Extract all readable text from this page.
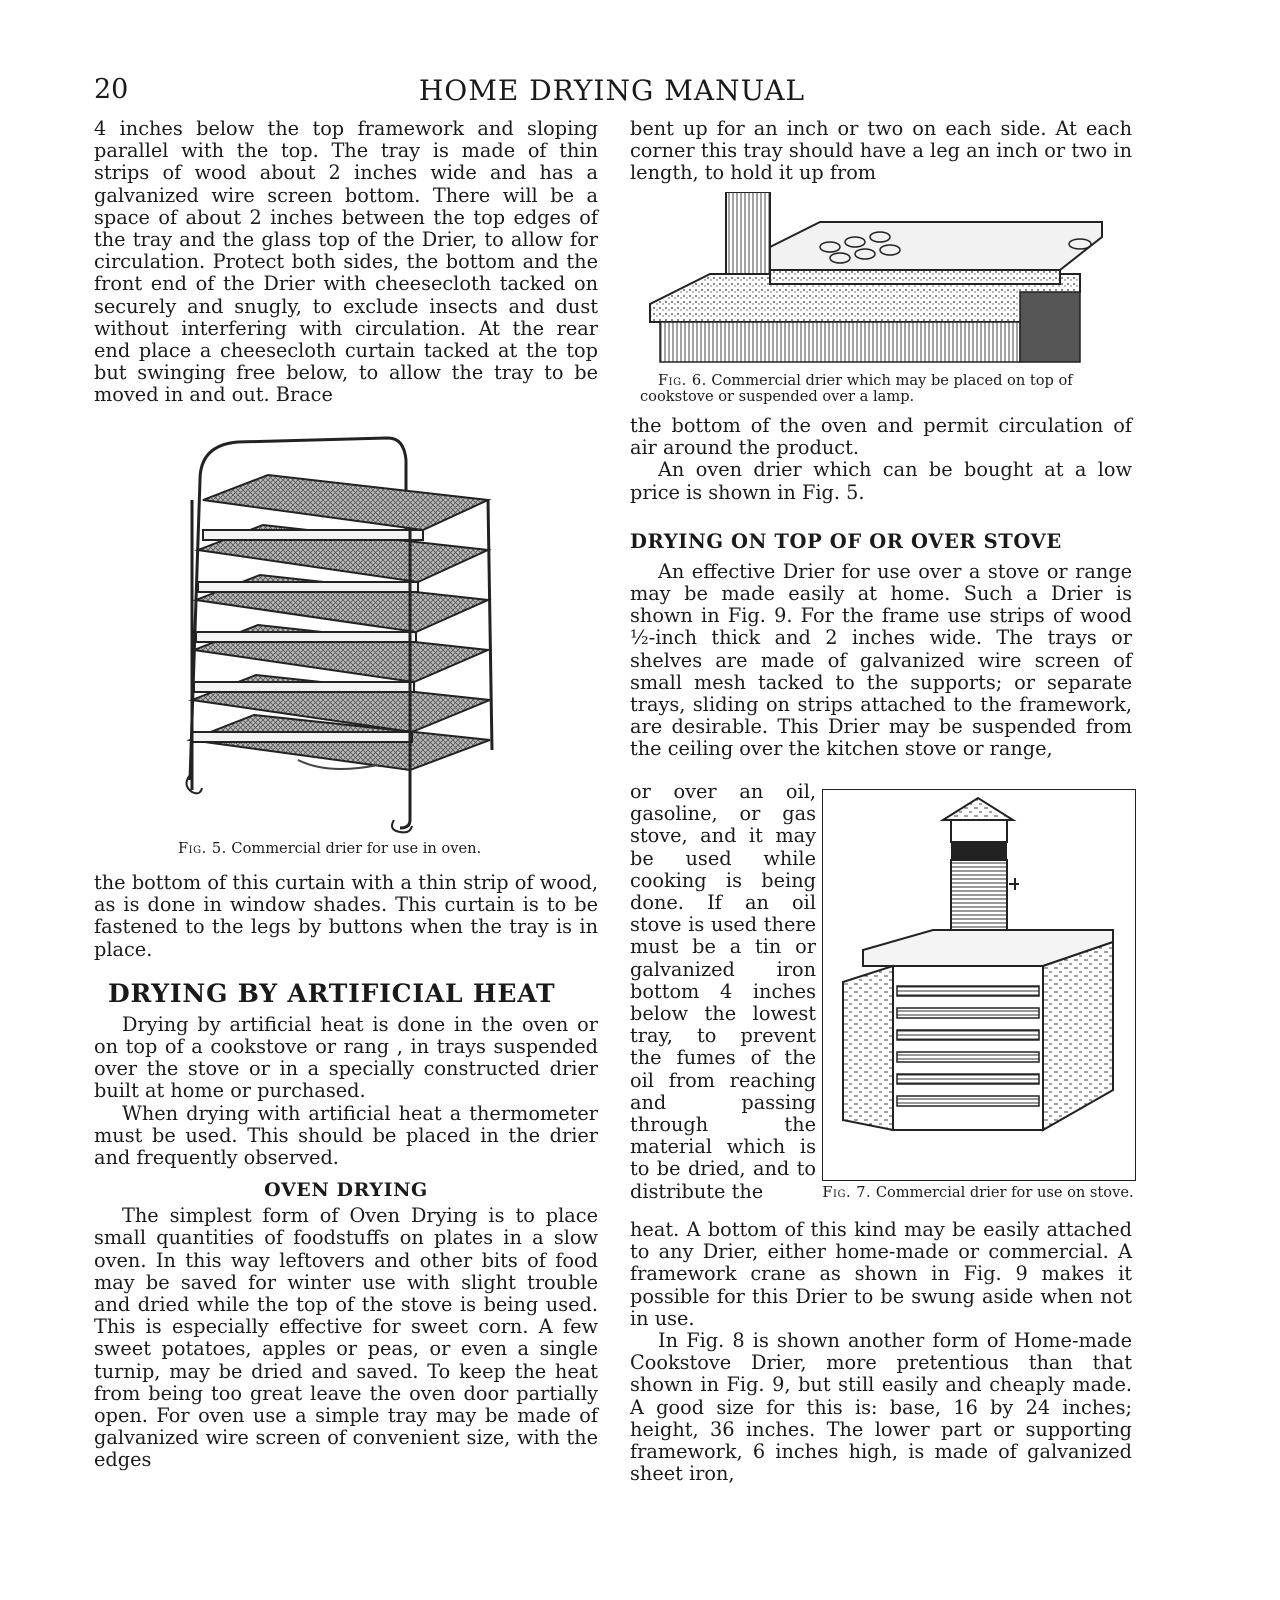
20	HOME DRYING MANUAL

4 inches below the top framework and sloping parallel with the top. The tray is made of thin strips of wood about 2 inches wide and has a galvanized wire screen bottom. There will be a space of about 2 inches between the top edges of the tray and the glass top of the Drier, to allow for circulation. Protect both sides, the bottom and the front end of the Drier with cheesecloth tacked on securely and snugly, to exclude insects and dust without interfering with circulation. At the rear end place a cheesecloth curtain tacked at the top but swinging free below, to allow the tray to be moved in and out. Brace

Fig. 5. Commercial drier for use in oven.

the bottom of this curtain with a thin strip of wood, as is done in window shades. This curtain is to be fastened to the legs by buttons when the tray is in place.

DRYING BY ARTIFICIAL HEAT

Drying by artificial heat is done in the oven or on top of a cookstove or rang , in trays suspended over the stove or in a specially constructed drier built at home or purchased.

When drying with artificial heat a thermometer must be used. This should be placed in the drier and frequently observed.

OVEN DRYING

The simplest form of Oven Drying is to place small quantities of foodstuffs on plates in a slow oven. In this way leftovers and other bits of food may be saved for winter use with slight trouble and dried while the top of the stove is being used. This is especially effective for sweet corn. A few sweet potatoes, apples or peas, or even a single turnip, may be dried and saved. To keep the heat from being too great leave the oven door partially open. For oven use a simple tray may be made of galvanized wire screen of convenient size, with the edges

bent up for an inch or two on each side. At each corner this tray should have a leg an inch or two in length, to hold it up from

Fig. 6. Commercial drier which may be placed on top of cookstove or suspended over a lamp.

the bottom of the oven and permit circulation of air around the product.

An oven drier which can be bought at a low price is shown in Fig. 5.

DRYING ON TOP OF OR OVER STOVE

An effective Drier for use over a stove or range may be made easily at home. Such a Drier is shown in Fig. 9. For the frame use strips of wood ½-inch thick and 2 inches wide. The trays or shelves are made of galvanized wire screen of small mesh tacked to the supports; or separate trays, sliding on strips attached to the framework, are desirable. This Drier may be suspended from the ceiling over the kitchen stove or range,

or over an oil, gasoline, or gas stove, and it may be used while cooking is being done. If an oil stove is used there must be a tin or galvanized iron bottom 4 inches below the lowest tray, to prevent the fumes of the oil from reaching and passing through the material which is to be dried, and to distribute the	Fig. 7. Commercial drier for use on stove.

heat. A bottom of this kind may be easily attached to any Drier, either home-made or commercial. A framework crane as shown in Fig. 9 makes it possible for this Drier to be swung aside when not in use.

In Fig. 8 is shown another form of Home-made Cookstove Drier, more pretentious than that shown in Fig. 9, but still easily and cheaply made. A good size for this is: base, 16 by 24 inches; height, 36 inches. The lower part or supporting framework, 6 inches high, is made of galvanized sheet iron,
